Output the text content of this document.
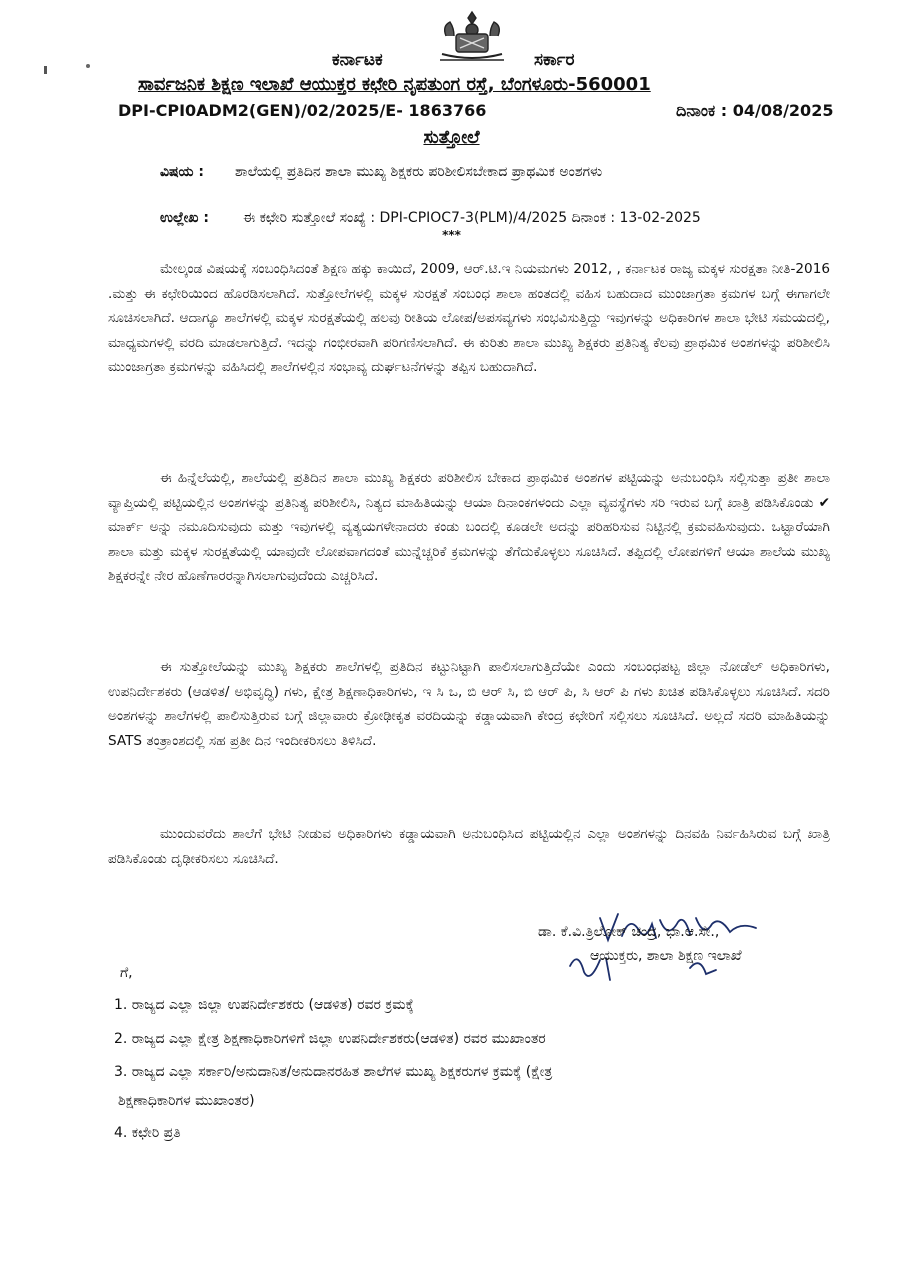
ಕರ್ನಾಟಕ	ಸರ್ಕಾರ
ಸಾರ್ವಜನಿಕ ಶಿಕ್ಷಣ ಇಲಾಖೆ ಆಯುಕ್ತರ ಕಛೇರಿ ನೃಪತುಂಗ ರಸ್ತೆ, ಬೆಂಗಳೂರು-560001
DPI-CPI0ADM2(GEN)/02/2025/E- 1863766	ದಿನಾಂಕ : 04/08/2025
ಸುತ್ತೋಲೆ
ವಿಷಯ : ಶಾಲೆಯಲ್ಲಿ ಪ್ರತಿದಿನ ಶಾಲಾ ಮುಖ್ಯ ಶಿಕ್ಷಕರು ಪರಿಶೀಲಿಸಬೇಕಾದ ಪ್ರಾಥಮಿಕ ಅಂಶಗಳು
ಉಲ್ಲೇಖ : ಈ ಕಛೇರಿ ಸುತ್ತೋಲೆ ಸಂಖ್ಯೆ : DPI-CPIOC7-3(PLM)/4/2025 ದಿನಾಂಕ : 13-02-2025
***
ಮೇಲ್ಕಂಡ ವಿಷಯಕ್ಕೆ ಸಂಬಂಧಿಸಿದಂತೆ ಶಿಕ್ಷಣ ಹಕ್ಕು ಕಾಯಿದೆ, 2009, ಆರ್.ಟಿ.ಇ ನಿಯಮಗಳು 2012, , ಕರ್ನಾಟಕ ರಾಜ್ಯ ಮಕ್ಕಳ ಸುರಕ್ಷತಾ ನೀತಿ-2016 .ಮತ್ತು ಈ ಕಛೇರಿಯಿಂದ ಹೊರಡಿಸಲಾಗಿದೆ. ಸುತ್ತೋಲೆಗಳಲ್ಲಿ ಮಕ್ಕಳ ಸುರಕ್ಷತೆ ಸಂಬಂಧ ಶಾಲಾ ಹಂತದಲ್ಲಿ ವಹಿಸ ಬಹುದಾದ ಮುಂಜಾಗ್ರತಾ ಕ್ರಮಗಳ ಬಗ್ಗೆ ಈಗಾಗಲೇ ಸೂಚಿಸಲಾಗಿದೆ. ಆದಾಗ್ಯೂ ಶಾಲೆಗಳಲ್ಲಿ ಮಕ್ಕಳ ಸುರಕ್ಷತೆಯಲ್ಲಿ ಹಲವು ರೀತಿಯ ಲೋಪ/ಅಪಸವ್ಯಗಳು ಸಂಭವಿಸುತ್ತಿದ್ದು ಇವುಗಳನ್ನು ಅಧಿಕಾರಿಗಳ ಶಾಲಾ ಭೇಟಿ ಸಮಯದಲ್ಲಿ, ಮಾಧ್ಯಮಗಳಲ್ಲಿ ವರದಿ ಮಾಡಲಾಗುತ್ತಿದೆ. ಇದನ್ನು ಗಂಭೀರವಾಗಿ ಪರಿಗಣಿಸಲಾಗಿದೆ. ಈ ಕುರಿತು ಶಾಲಾ ಮುಖ್ಯ ಶಿಕ್ಷಕರು ಪ್ರತಿನಿತ್ಯ ಕೆಲವು ಪ್ರಾಥಮಿಕ ಅಂಶಗಳನ್ನು ಪರಿಶೀಲಿಸಿ ಮುಂಜಾಗ್ರತಾ ಕ್ರಮಗಳನ್ನು ವಹಿಸಿದಲ್ಲಿ ಶಾಲೆಗಳಲ್ಲಿನ ಸಂಭಾವ್ಯ ದುರ್ಘಟನೆಗಳನ್ನು ತಪ್ಪಿಸ ಬಹುದಾಗಿದೆ.
ಈ ಹಿನ್ನೆಲೆಯಲ್ಲಿ, ಶಾಲೆಯಲ್ಲಿ ಪ್ರತಿದಿನ ಶಾಲಾ ಮುಖ್ಯ ಶಿಕ್ಷಕರು ಪರಿಶೀಲಿಸ ಬೇಕಾದ ಪ್ರಾಥಮಿಕ ಅಂಶಗಳ ಪಟ್ಟಿಯನ್ನು ಅನುಬಂಧಿಸಿ ಸಲ್ಲಿಸುತ್ತಾ ಪ್ರತೀ ಶಾಲಾ ವ್ಯಾಪ್ತಿಯಲ್ಲಿ ಪಟ್ಟಿಯಲ್ಲಿನ ಅಂಶಗಳನ್ನು ಪ್ರತಿನಿತ್ಯ ಪರಿಶೀಲಿಸಿ, ನಿತ್ಯದ ಮಾಹಿತಿಯನ್ನು ಆಯಾ ದಿನಾಂಕಗಳಂದು ಎಲ್ಲಾ ವ್ಯವಸ್ಥೆಗಳು ಸರಿ ಇರುವ ಬಗ್ಗೆ ಖಾತ್ರಿ ಪಡಿಸಿಕೊಂಡು ✔ ಮಾರ್ಕ್ ಅನ್ನು ನಮೂದಿಸುವುದು ಮತ್ತು ಇವುಗಳಲ್ಲಿ ವ್ಯತ್ಯಯಗಳೇನಾದರು ಕಂಡು ಬಂದಲ್ಲಿ ಕೂಡಲೇ ಅದನ್ನು ಪರಿಹರಿಸುವ ನಿಟ್ಟಿನಲ್ಲಿ ಕ್ರಮವಹಿಸುವುದು. ಒಟ್ಟಾರೆಯಾಗಿ ಶಾಲಾ ಮತ್ತು ಮಕ್ಕಳ ಸುರಕ್ಷತೆಯಲ್ಲಿ ಯಾವುದೇ ಲೋಪವಾಗದಂತೆ ಮುನ್ನೆಚ್ಚರಿಕೆ ಕ್ರಮಗಳನ್ನು ತೆಗೆದುಕೊಳ್ಳಲು ಸೂಚಿಸಿದೆ. ತಪ್ಪಿದಲ್ಲಿ ಲೋಪಗಳಿಗೆ ಆಯಾ ಶಾಲೆಯ ಮುಖ್ಯ ಶಿಕ್ಷಕರನ್ನೇ ನೇರ ಹೊಣೆಗಾರರನ್ನಾಗಿಸಲಾಗುವುದೆಂದು ಎಚ್ಚರಿಸಿದೆ.
ಈ ಸುತ್ತೋಲೆಯನ್ನು ಮುಖ್ಯ ಶಿಕ್ಷಕರು ಶಾಲೆಗಳಲ್ಲಿ ಪ್ರತಿದಿನ ಕಟ್ಟುನಿಟ್ಟಾಗಿ ಪಾಲಿಸಲಾಗುತ್ತಿದೆಯೇ ಎಂದು ಸಂಬಂಧಪಟ್ಟ ಜಿಲ್ಲಾ ನೋಡೆಲ್ ಅಧಿಕಾರಿಗಳು, ಉಪನಿರ್ದೇಶಕರು (ಆಡಳಿತ/ ಅಭಿವೃದ್ಧಿ) ಗಳು, ಕ್ಷೇತ್ರ ಶಿಕ್ಷಣಾಧಿಕಾರಿಗಳು, ಇ ಸಿ ಒ, ಬಿ ಆರ್ ಸಿ, ಬಿ ಆರ್ ಪಿ, ಸಿ ಆರ್ ಪಿ ಗಳು ಖಚಿತ ಪಡಿಸಿಕೊಳ್ಳಲು ಸೂಚಿಸಿದೆ. ಸದರಿ ಅಂಶಗಳನ್ನು ಶಾಲೆಗಳಲ್ಲಿ ಪಾಲಿಸುತ್ತಿರುವ ಬಗ್ಗೆ ಜಿಲ್ಲಾವಾರು ಕ್ರೋಢೀಕೃತ ವರದಿಯನ್ನು ಕಡ್ಡಾಯವಾಗಿ ಕೇಂದ್ರ ಕಛೇರಿಗೆ ಸಲ್ಲಿಸಲು ಸೂಚಿಸಿದೆ. ಅಲ್ಲದೆ ಸದರಿ ಮಾಹಿತಿಯನ್ನು SATS ತಂತ್ರಾಂಶದಲ್ಲಿ ಸಹ ಪ್ರತೀ ದಿನ ಇಂದೀಕರಿಸಲು ತಿಳಿಸಿದೆ.
ಮುಂದುವರೆದು ಶಾಲೆಗೆ ಭೇಟಿ ನೀಡುವ ಅಧಿಕಾರಿಗಳು ಕಡ್ಡಾಯವಾಗಿ ಅನುಬಂಧಿಸಿದ ಪಟ್ಟಿಯಲ್ಲಿನ ಎಲ್ಲಾ ಅಂಶಗಳನ್ನು ದಿನವಹಿ ನಿರ್ವಹಿಸಿರುವ ಬಗ್ಗೆ ಖಾತ್ರಿ ಪಡಿಸಿಕೊಂಡು ದೃಢೀಕರಿಸಲು ಸೂಚಿಸಿದೆ.
ಡಾ. ಕೆ.ವಿ.ತ್ರಿಲೋಕ್ ಚಂದ್ರ, ಭಾ.ಆ.ಸೇ.,
ಆಯುಕ್ತರು, ಶಾಲಾ ಶಿಕ್ಷಣ ಇಲಾಖೆ
ಗೆ,
1. ರಾಜ್ಯದ ಎಲ್ಲಾ ಜಿಲ್ಲಾ ಉಪನಿರ್ದೇಶಕರು (ಆಡಳಿತ) ರವರ ಕ್ರಮಕ್ಕೆ
2. ರಾಜ್ಯದ ಎಲ್ಲಾ ಕ್ಷೇತ್ರ ಶಿಕ್ಷಣಾಧಿಕಾರಿಗಳಿಗೆ ಜಿಲ್ಲಾ ಉಪನಿರ್ದೇಶಕರು(ಆಡಳಿತ) ರವರ ಮುಖಾಂತರ
3. ರಾಜ್ಯದ ಎಲ್ಲಾ ಸರ್ಕಾರಿ/ಅನುದಾನಿತ/ಅನುದಾನರಹಿತ ಶಾಲೆಗಳ ಮುಖ್ಯ ಶಿಕ್ಷಕರುಗಳ ಕ್ರಮಕ್ಕೆ (ಕ್ಷೇತ್ರ
ಶಿಕ್ಷಣಾಧಿಕಾರಿಗಳ ಮುಖಾಂತರ)
4. ಕಛೇರಿ ಪ್ರತಿ
